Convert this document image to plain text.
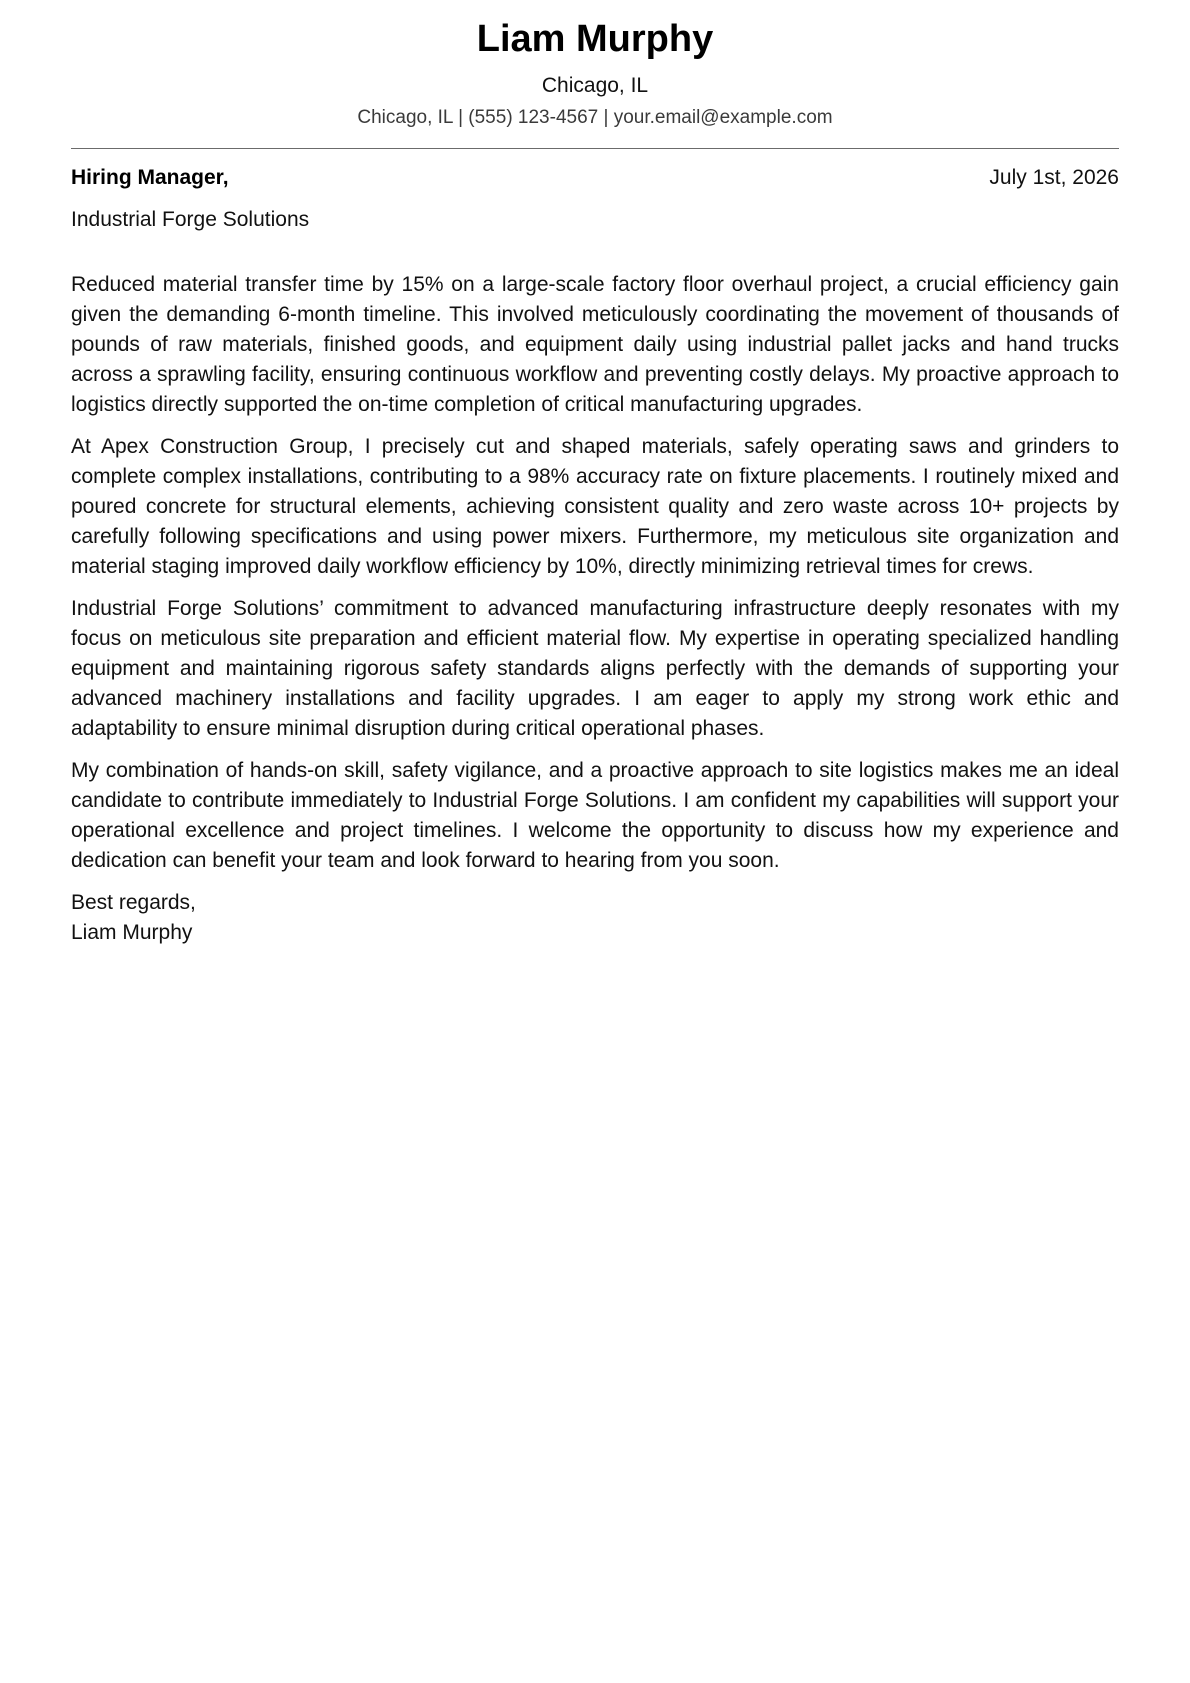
Liam Murphy
Chicago, IL
Chicago, IL | (555) 123-4567 | your.email@example.com
Hiring Manager,	July 1st, 2026
Industrial Forge Solutions

Reduced material transfer time by 15% on a large-scale factory floor overhaul project, a crucial efficiency gain given the demanding 6-month timeline. This involved meticulously coordinating the movement of thousands of pounds of raw materials, finished goods, and equipment daily using industrial pallet jacks and hand trucks across a sprawling facility, ensuring continuous workflow and preventing costly delays. My proactive approach to logistics directly supported the on-time completion of critical manufacturing upgrades.

At Apex Construction Group, I precisely cut and shaped materials, safely operating saws and grinders to complete complex installations, contributing to a 98% accuracy rate on fixture placements. I routinely mixed and poured concrete for structural elements, achieving consistent quality and zero waste across 10+ projects by carefully following specifications and using power mixers. Furthermore, my meticulous site organization and material staging improved daily workflow efficiency by 10%, directly minimizing retrieval times for crews.

Industrial Forge Solutions’ commitment to advanced manufacturing infrastructure deeply resonates with my focus on meticulous site preparation and efficient material flow. My expertise in operating specialized handling equipment and maintaining rigorous safety standards aligns perfectly with the demands of supporting your advanced machinery installations and facility upgrades. I am eager to apply my strong work ethic and adaptability to ensure minimal disruption during critical operational phases.

My combination of hands-on skill, safety vigilance, and a proactive approach to site logistics makes me an ideal candidate to contribute immediately to Industrial Forge Solutions. I am confident my capabilities will support your operational excellence and project timelines. I welcome the opportunity to discuss how my experience and dedication can benefit your team and look forward to hearing from you soon.

Best regards,
Liam Murphy
